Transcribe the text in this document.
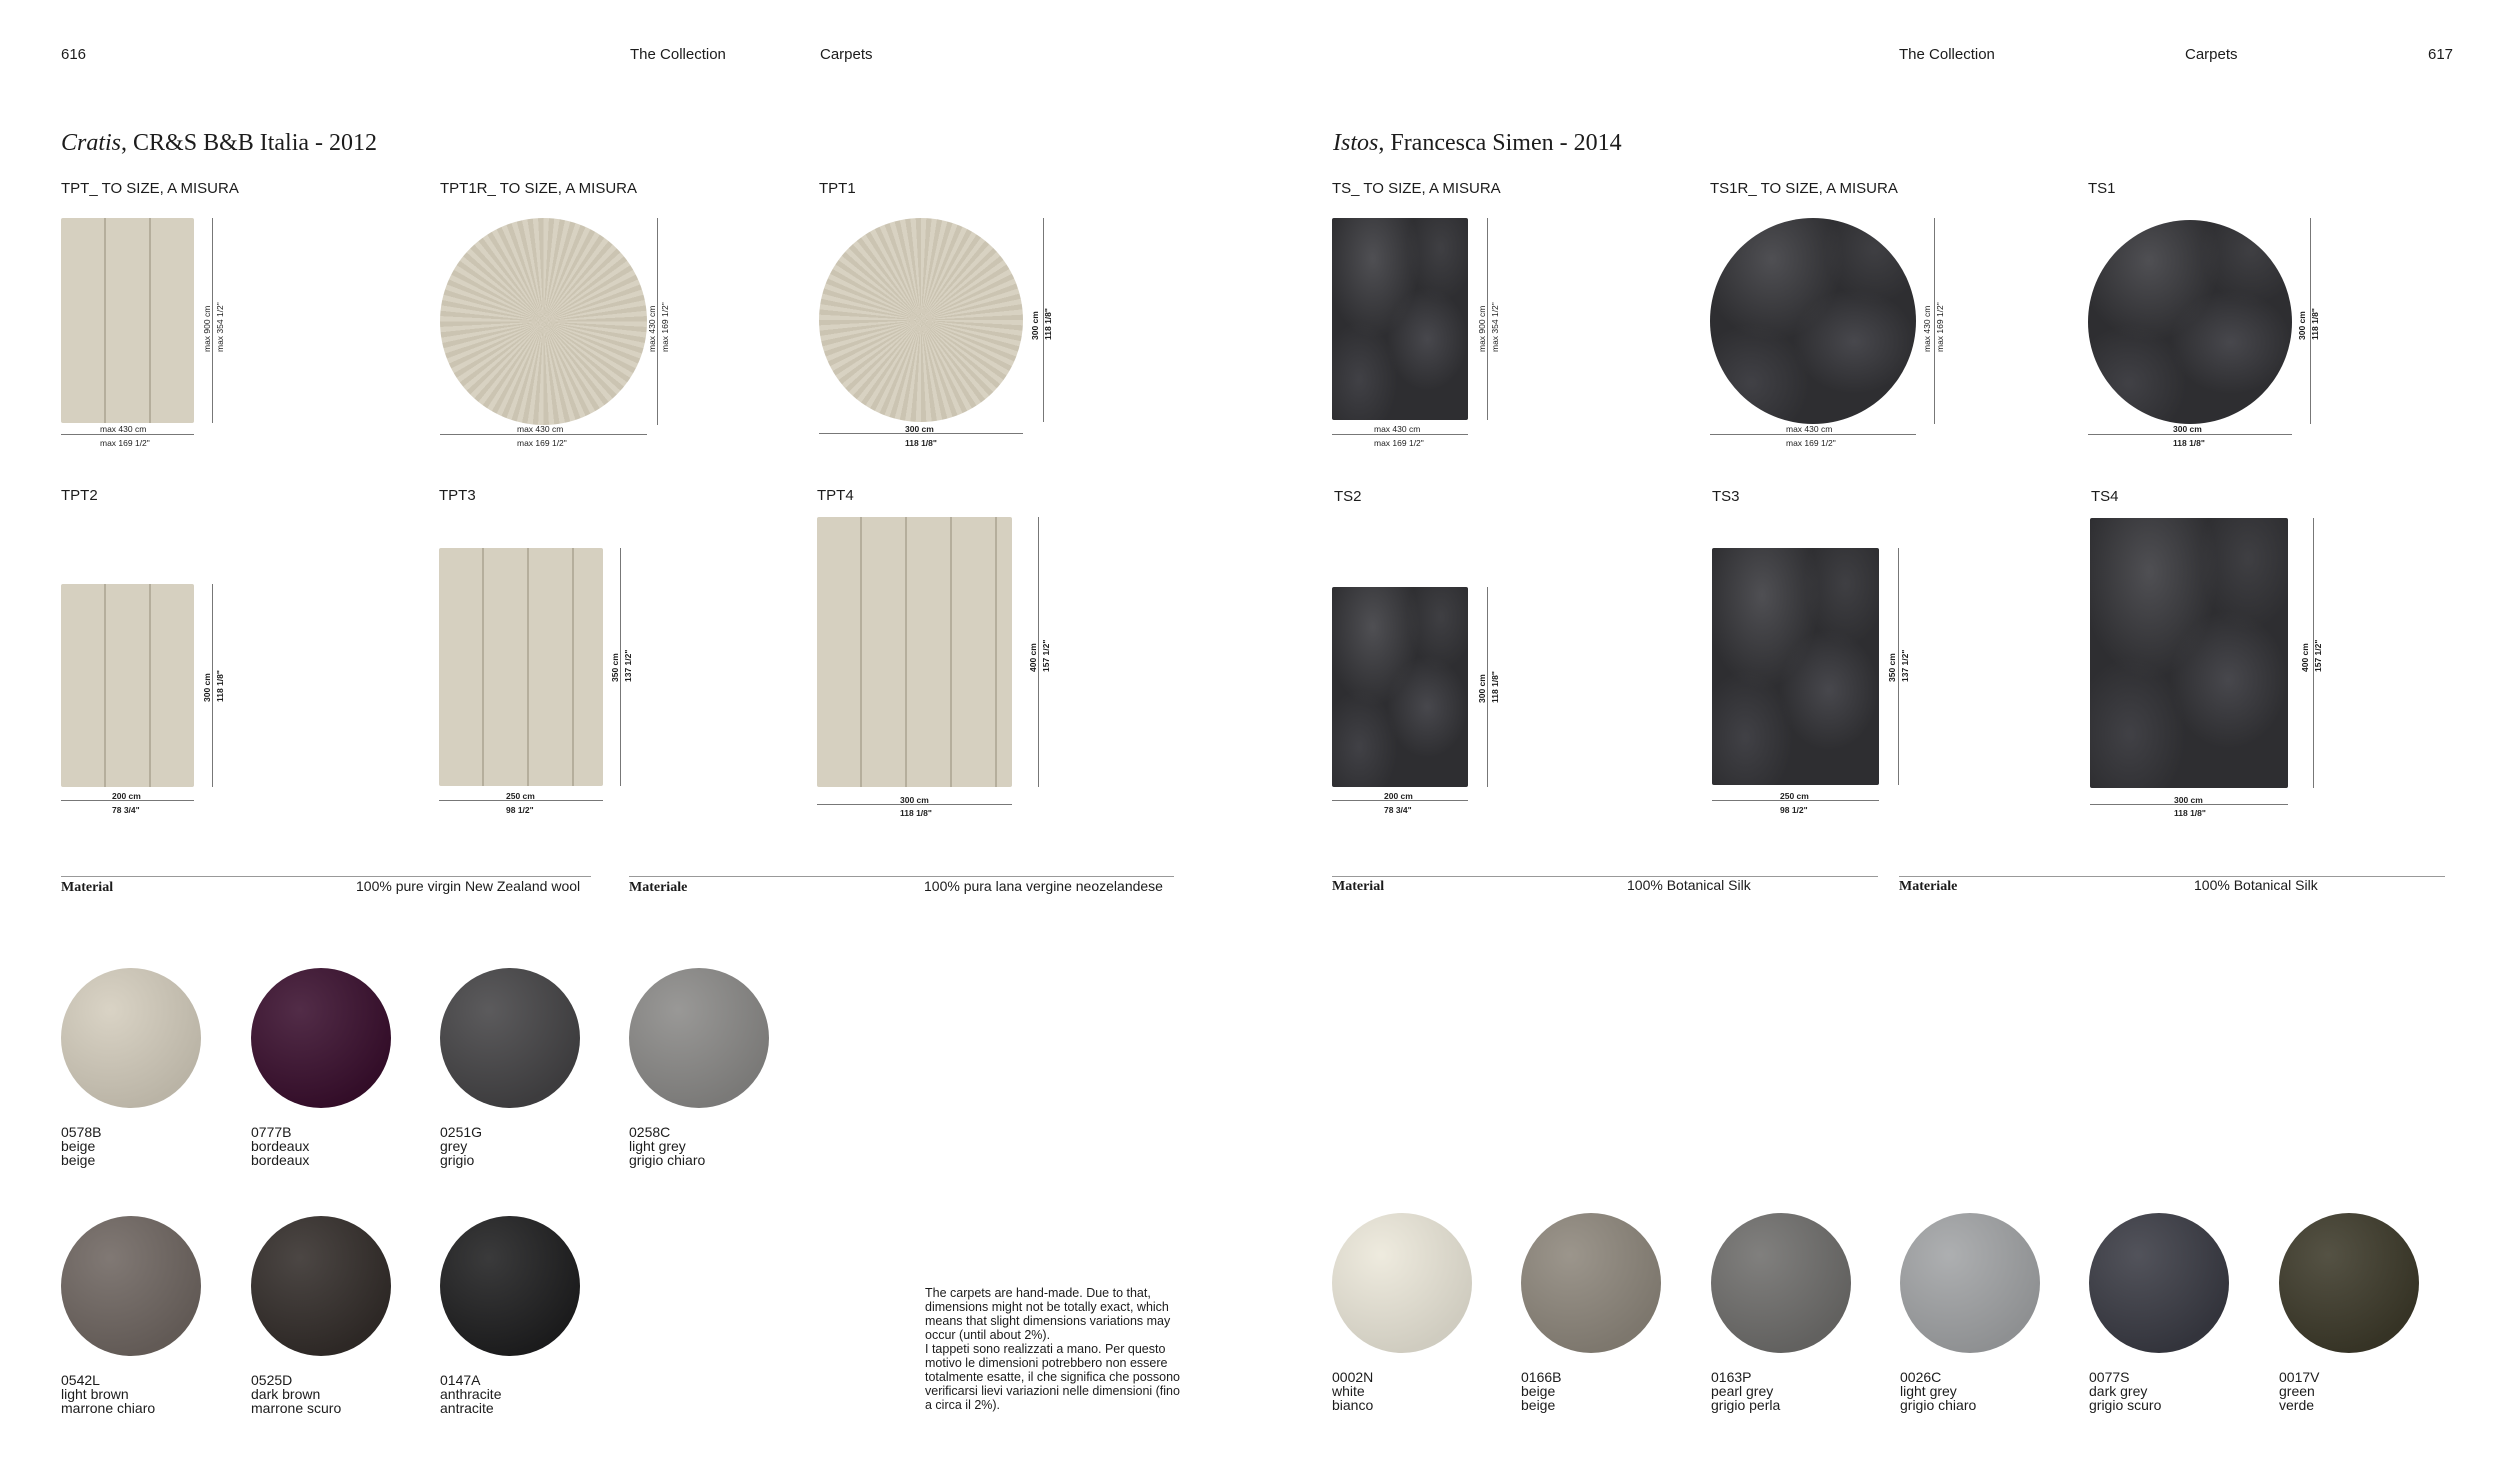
616	The Collection	Carpets	The Collection	Carpets	617
Cratis, CR&S B&B Italia - 2012	Istos, Francesca Simen - 2014
TPT_ TO SIZE, A MISURA
max 900 cm max 354 1/2"
max 430 cm
max 169 1/2"
TPT1R_ TO SIZE, A MISURA
max 430 cm max 169 1/2"
max 430 cm
max 169 1/2"
TPT1
300 cm 118 1/8"
300 cm
118 1/8"
TPT2
300 cm 118 1/8"
200 cm
78 3/4"
TPT3
350 cm 137 1/2"
250 cm
98 1/2"
TPT4
400 cm 157 1/2"
300 cm
118 1/8"
Material	100% pure virgin New Zealand wool	Materiale	100% pura lana vergine neozelandese
0578B
beige
beige
0777B
bordeaux
bordeaux
0251G
grey
grigio
0258C
light grey
grigio chiaro
0542L
light brown
marrone chiaro
0525D
dark brown
marrone scuro
0147A
anthracite
antracite
The carpets are hand-made. Due to that, dimensions might not be totally exact, which means that slight dimensions variations may occur (until about 2%).
I tappeti sono realizzati a mano. Per questo motivo le dimensioni potrebbero non essere totalmente esatte, il che significa che possono verificarsi lievi variazioni nelle dimensioni (fino a circa il 2%).
TS_ TO SIZE, A MISURA
max 900 cm max 354 1/2"
max 430 cm
max 169 1/2"
TS1R_ TO SIZE, A MISURA
max 430 cm max 169 1/2"
max 430 cm
max 169 1/2"
TS1
300 cm 118 1/8"
300 cm
118 1/8"
TS2
300 cm 118 1/8"
200 cm
78 3/4"
TS3
350 cm 137 1/2"
250 cm
98 1/2"
TS4
400 cm 157 1/2"
300 cm
118 1/8"
Material	100% Botanical Silk	Materiale	100% Botanical Silk
0002N
white
bianco
0166B
beige
beige
0163P
pearl grey
grigio perla
0026C
light grey
grigio chiaro
0077S
dark grey
grigio scuro
0017V
green
verde
